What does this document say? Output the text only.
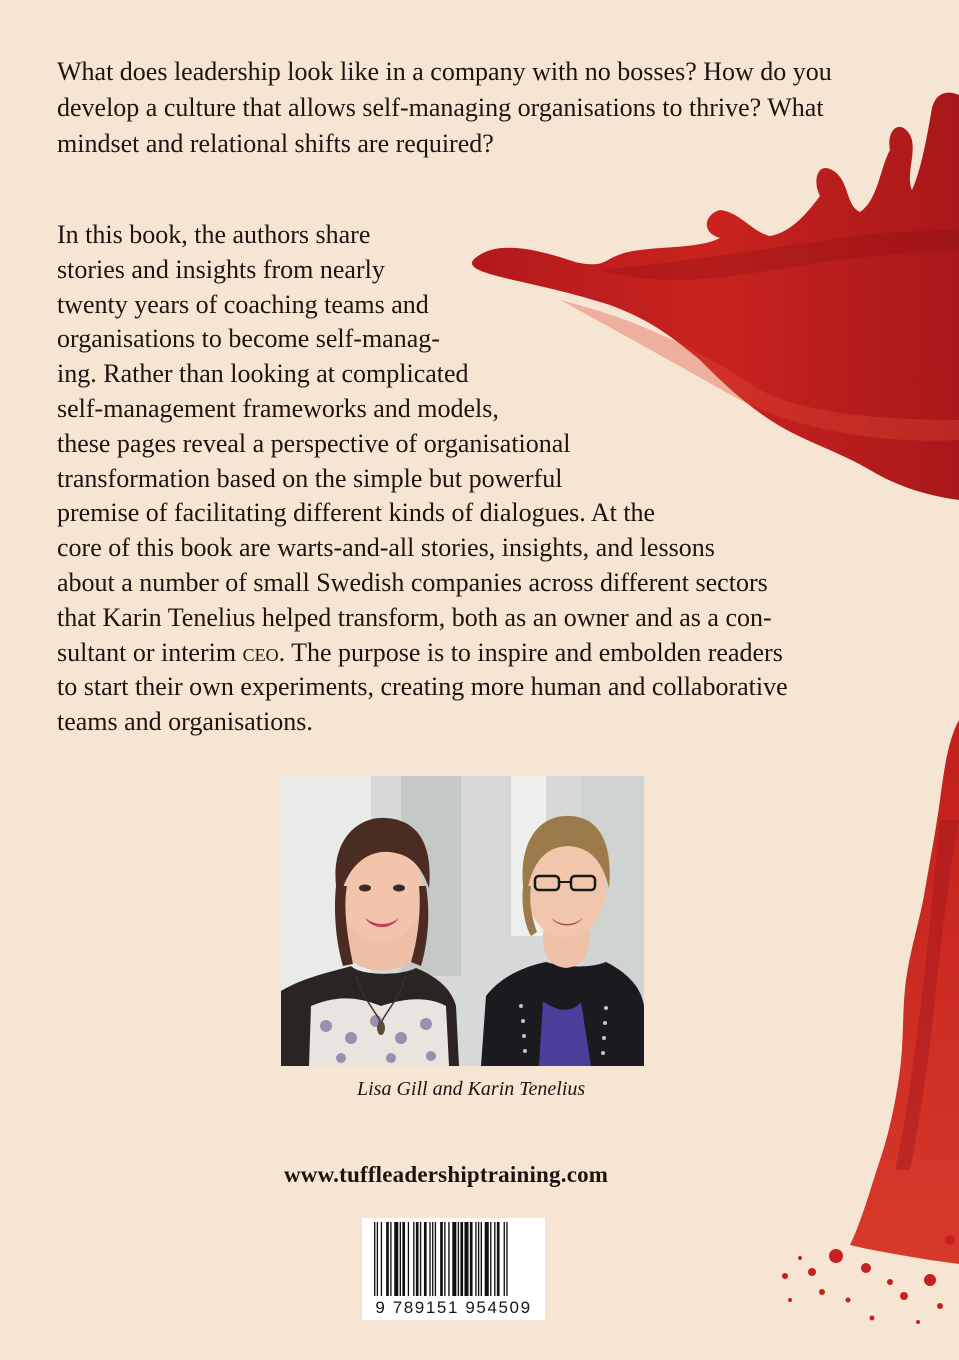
What does leadership look like in a company with no bosses? How do you develop a culture that allows self-managing organisations to thrive? What mindset and relational shifts are required?

In this book, the authors share
stories and insights from nearly
twenty years of coaching teams and
organisations to become self-manag-
ing. Rather than looking at complicated
self-management frameworks and models,
these pages reveal a perspective of organisational
transformation based on the simple but powerful
premise of facilitating different kinds of dialogues. At the
core of this book are warts-and-all stories, insights, and lessons
about a number of small Swedish companies across different sectors
that Karin Tenelius helped transform, both as an owner and as a con-
sultant or interim ceo. The purpose is to inspire and embolden readers
to start their own experiments, creating more human and collaborative
teams and organisations.
Lisa Gill and Karin Tenelius
www.tuffleadershiptraining.com
9 789151 954509
